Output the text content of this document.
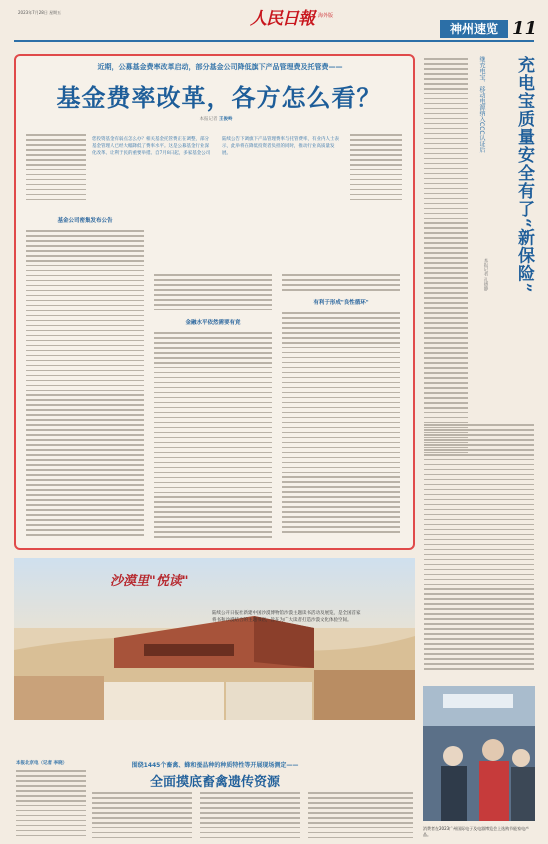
2023年7月28日 星期五	人民日報 海外版
神州速览 11
近期，公募基金费率改革启动，部分基金公司降低旗下产品管理费及托管费——
基金费率改革，各方怎么看？
本报记者 王俊岭
您投资基金有弱点怎么办？相关基金托管费正在调整，部分基金管理人已经大幅降低了费率水平。这是公募基金行业深化改革、让利于民的重要举措。自7月8日起，多家基金公司陆续公告下调旗下产品管理费率与托管费率，有业内人士表示，此举将在降低投资者负担的同时，推动行业高质量发展。
基金公司密集发布公告
金融水平依然需要有竞
有利于形成"良性循环"
继充电宝、移动电源纳入CCC认证后	充电宝质量安全有了“新保险”
本报记者 孔德静
沙漠里"悦读"
陆续公开日报社新建中国沙漠博物馆沙漠主题读书活动及展览，是全国首家将书和沙漠结合的主题书店，旨在为广大读者打造沙漠文化体验空间。
消费者在2023广州国际电子及电器博览会上选购节能家电产品。
本报北京电（记者 李晓）	围绕1445个畜禽、蜂和蚕品种的种质特性等开展现场测定——
全面摸底畜禽遗传资源
